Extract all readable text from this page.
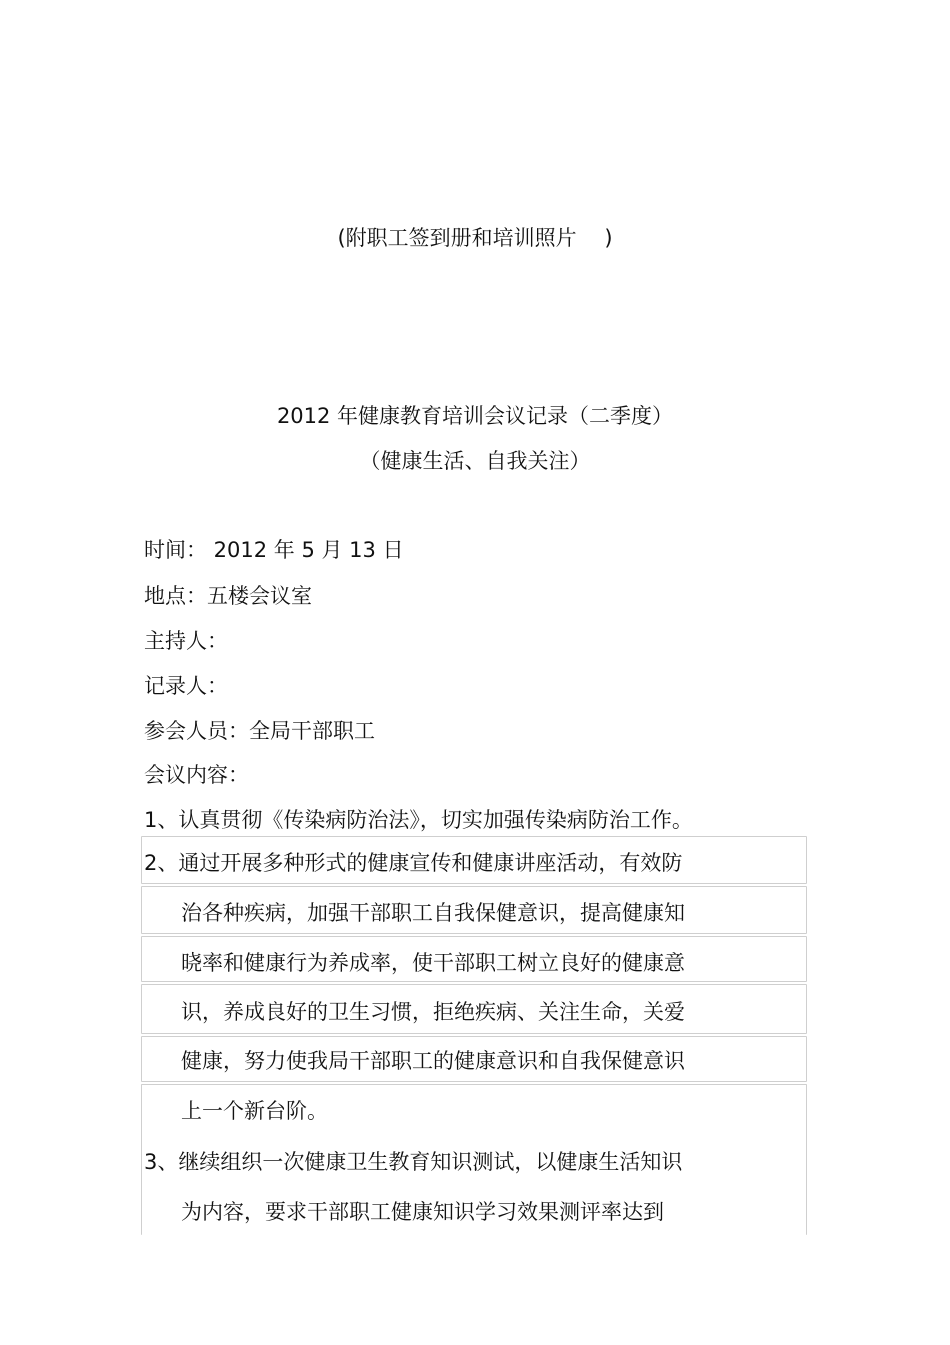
(附职工签到册和培训照片　 )
2012 年健康教育培训会议记录（二季度）
（健康生活、自我关注）
时间： 2012 年 5 月 13 日
地点：五楼会议室
主持人：
记录人：
参会人员：全局干部职工
会议内容：
1、认真贯彻《传染病防治法》，切实加强传染病防治工作。
2、通过开展多种形式的健康宣传和健康讲座活动，有效防
治各种疾病，加强干部职工自我保健意识，提高健康知
晓率和健康行为养成率，使干部职工树立良好的健康意
识，养成良好的卫生习惯，拒绝疾病、关注生命，关爱
健康，努力使我局干部职工的健康意识和自我保健意识
上一个新台阶。
3、继续组织一次健康卫生教育知识测试，以健康生活知识
为内容，要求干部职工健康知识学习效果测评率达到
